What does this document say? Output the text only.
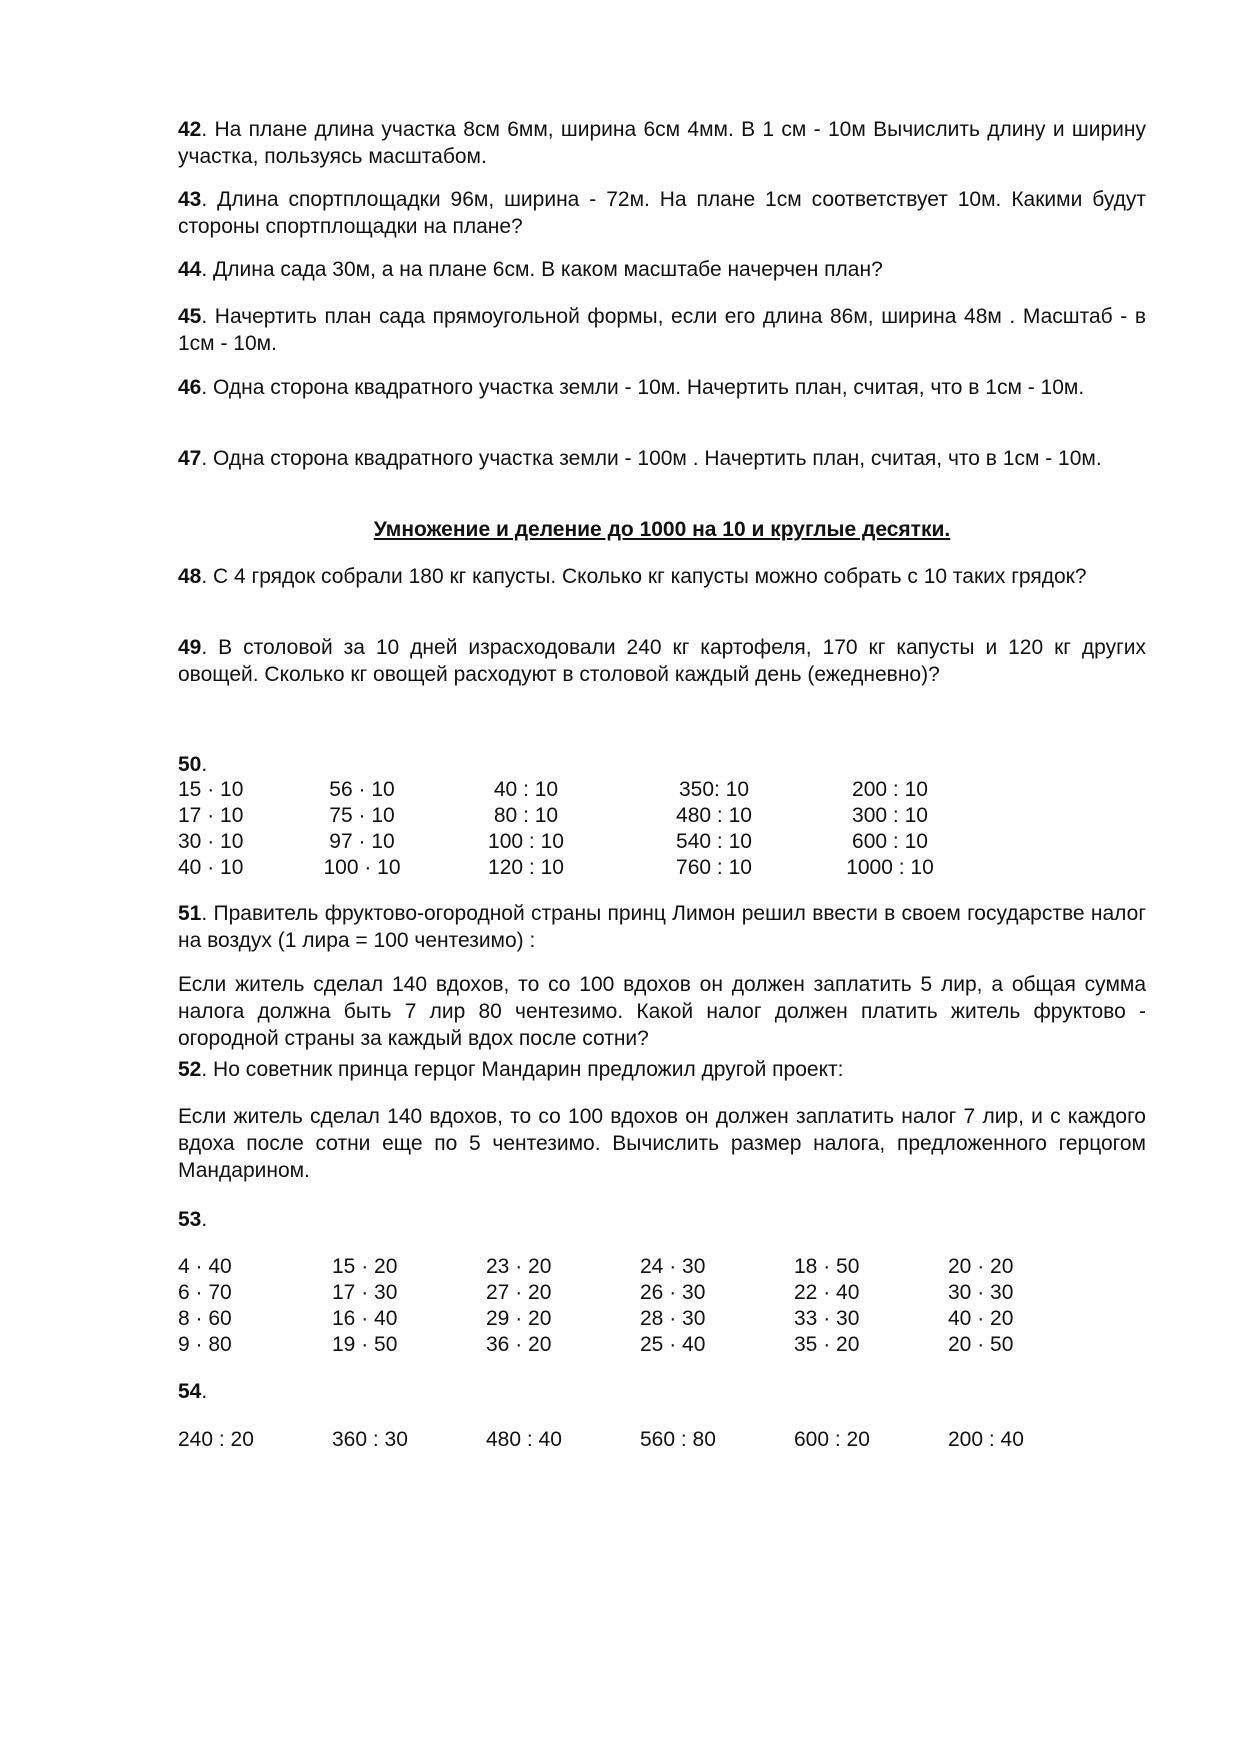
42. На плане длина участка 8см 6мм, ширина 6см 4мм. В 1 см - 10м Вычислить длину и ширину участка, пользуясь масштабом.
43. Длина спортплощадки 96м, ширина - 72м. На плане 1см соответствует 10м. Какими будут стороны спортплощадки на плане?
44. Длина сада 30м, а на плане 6см. В каком масштабе начерчен план?
45. Начертить план сада прямоугольной формы, если его длина 86м, ширина 48м . Масштаб - в 1см - 10м.
46. Одна сторона квадратного участка земли - 10м. Начертить план, считая, что в 1см - 10м.
47. Одна сторона квадратного участка земли - 100м . Начертить план, считая, что в 1см - 10м.
Умножение и деление до 1000 на 10 и круглые десятки.
48. С 4 грядок собрали 180 кг капусты. Сколько кг капусты можно собрать с 10 таких грядок?
49. В столовой за 10 дней израсходовали 240 кг картофеля, 170 кг капусты и 120 кг других овощей. Сколько кг овощей расходуют в столовой каждый день (ежедневно)?
50.
15 · 10	56 · 10	40 : 10	350: 10	200 : 10
17 · 10	75 · 10	80 : 10	480 : 10	300 : 10
30 · 10	97 · 10	100 : 10	540 : 10	600 : 10
40 · 10	100 · 10	120 : 10	760 : 10	1000 : 10
51. Правитель фруктово-огородной страны принц Лимон решил ввести в своем государстве налог на воздух (1 лира = 100 чентезимо) :
Если житель сделал 140 вдохов, то со 100 вдохов он должен заплатить 5 лир, а общая сумма налога должна быть 7 лир 80 чентезимо. Какой налог должен платить житель фруктово - огородной страны за каждый вдох после сотни?
52. Но советник принца герцог Мандарин предложил другой проект:
Если житель сделал 140 вдохов, то со 100 вдохов он должен заплатить налог 7 лир, и с каждого вдоха после сотни еще по 5 чентезимо. Вычислить размер налога, предложенного герцогом Мандарином.
53.
4 · 40	15 · 20	23 · 20	24 · 30	18 · 50	20 · 20
6 · 70	17 · 30	27 · 20	26 · 30	22 · 40	30 · 30
8 · 60	16 · 40	29 · 20	28 · 30	33 · 30	40 · 20
9 · 80	19 · 50	36 · 20	25 · 40	35 · 20	20 · 50
54.
240 : 20	360 : 30	480 : 40	560 : 80	600 : 20	200 : 40
